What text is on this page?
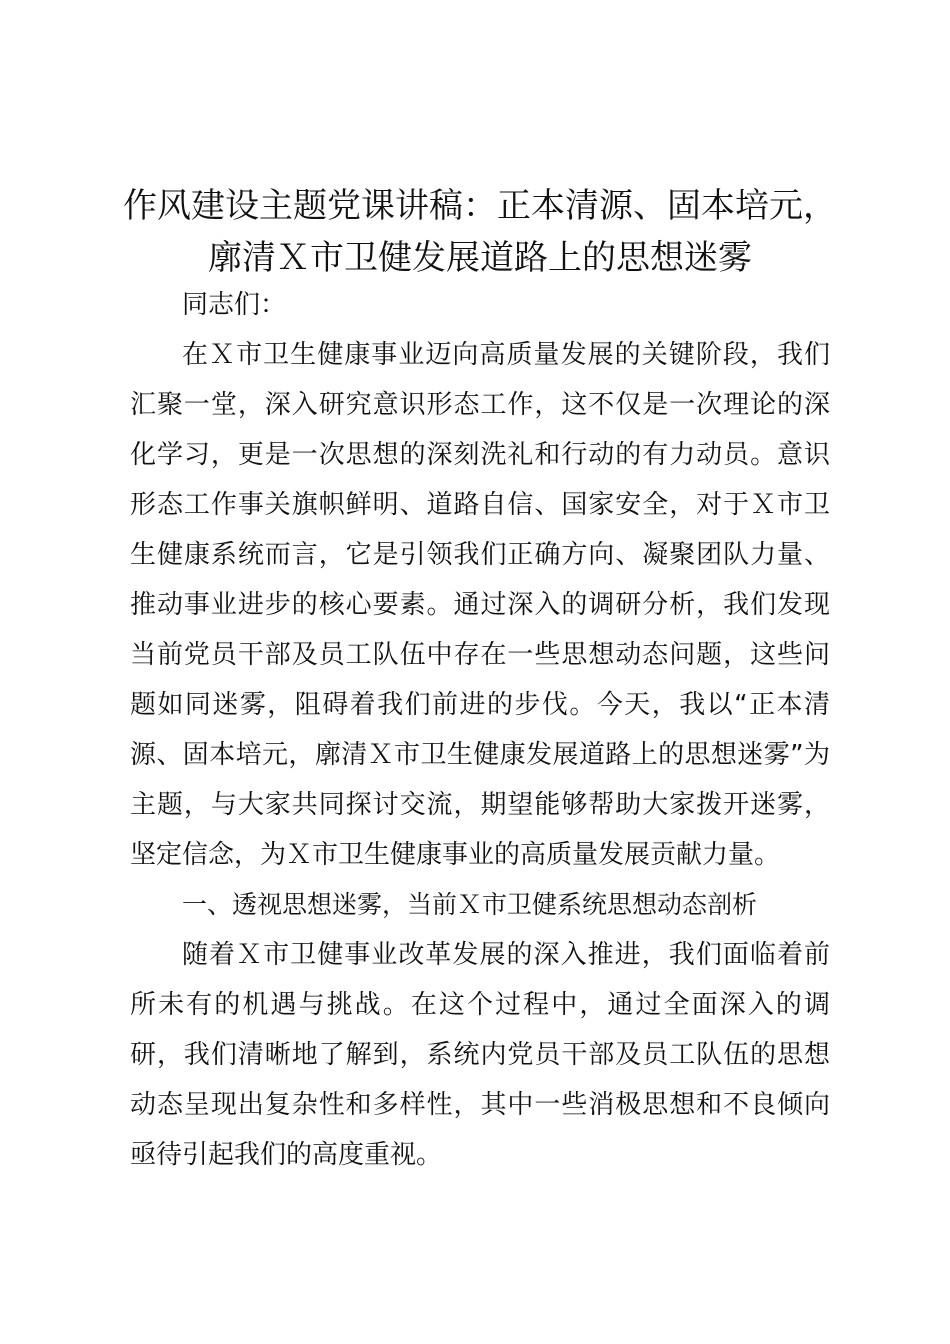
作风建设主题党课讲稿：正本清源、固本培元，
廓清Ｘ市卫健发展道路上的思想迷雾

同志们：

在Ｘ市卫生健康事业迈向高质量发展的关键阶段，我们汇聚一堂，深入研究意识形态工作，这不仅是一次理论的深化学习，更是一次思想的深刻洗礼和行动的有力动员。意识形态工作事关旗帜鲜明、道路自信、国家安全，对于Ｘ市卫生健康系统而言，它是引领我们正确方向、凝聚团队力量、推动事业进步的核心要素。通过深入的调研分析，我们发现当前党员干部及员工队伍中存在一些思想动态问题，这些问题如同迷雾，阻碍着我们前进的步伐。今天，我以“正本清源、固本培元，廓清Ｘ市卫生健康发展道路上的思想迷雾”为主题，与大家共同探讨交流，期望能够帮助大家拨开迷雾，坚定信念，为Ｘ市卫生健康事业的高质量发展贡献力量。

一、透视思想迷雾，当前Ｘ市卫健系统思想动态剖析

随着Ｘ市卫健事业改革发展的深入推进，我们面临着前所未有的机遇与挑战。在这个过程中，通过全面深入的调研，我们清晰地了解到，系统内党员干部及员工队伍的思想动态呈现出复杂性和多样性，其中一些消极思想和不良倾向亟待引起我们的高度重视。
